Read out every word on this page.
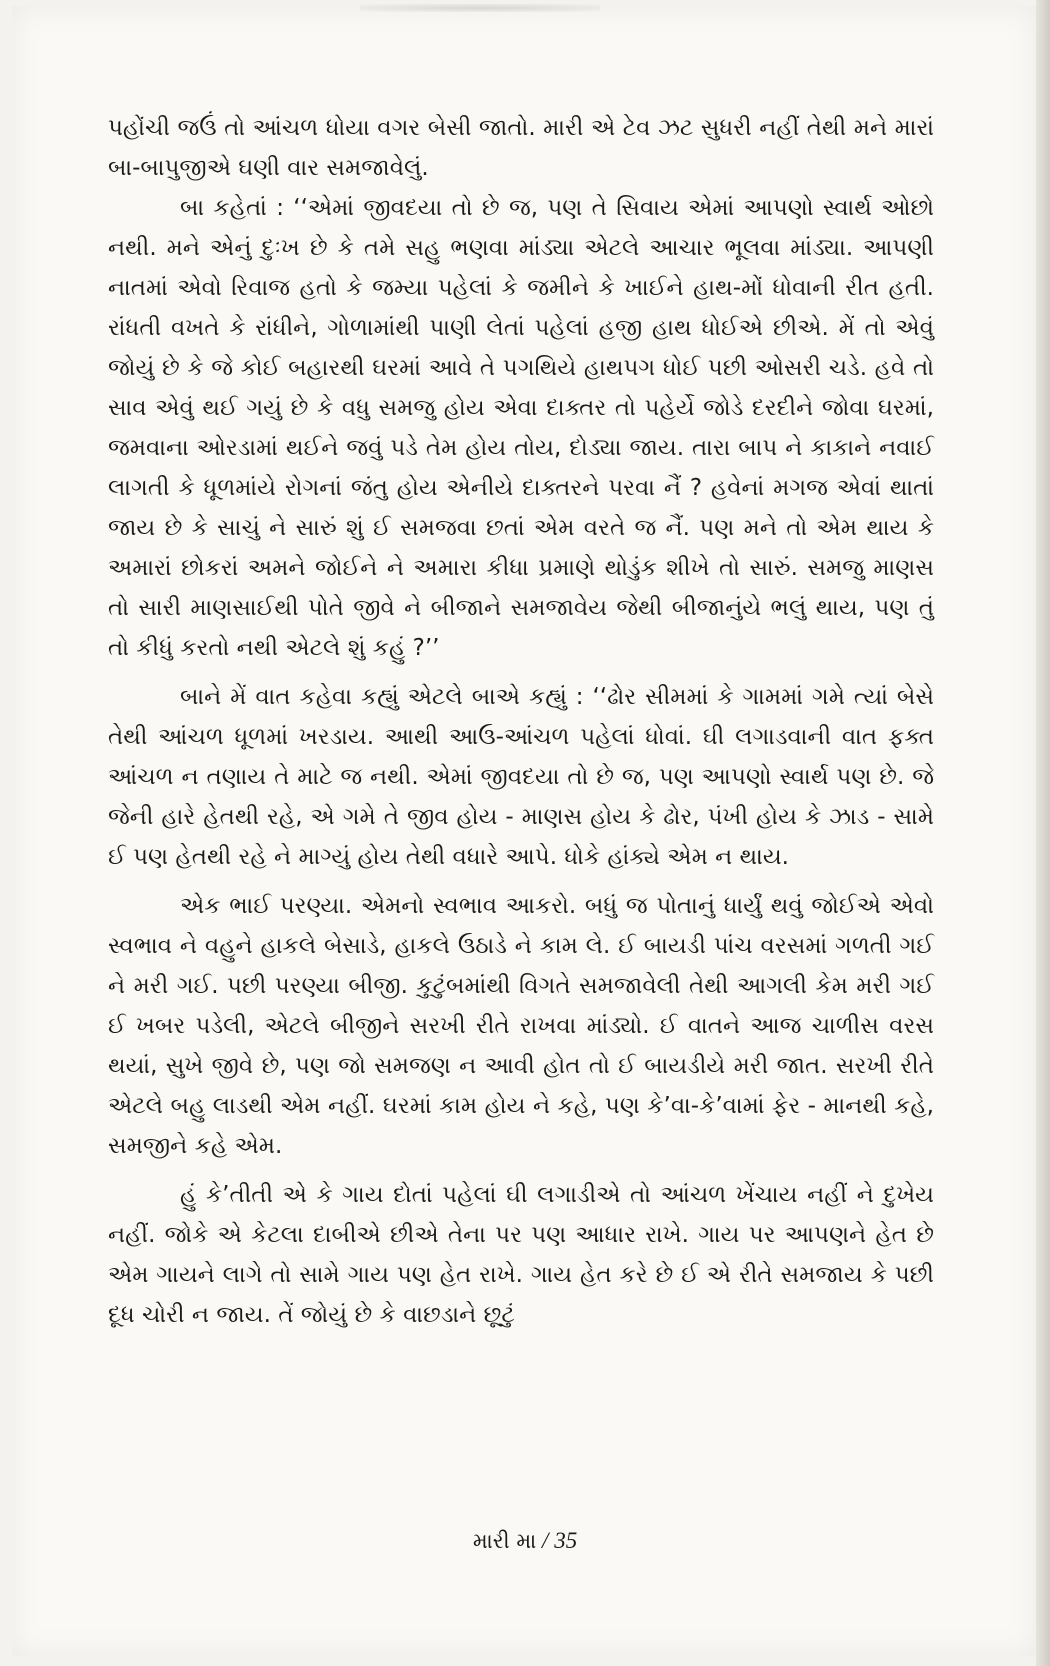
પહોંચી જઉં તો આંચળ ધોયા વગર બેસી જાતો. મારી એ ટેવ ઝટ સુધરી નહીં તેથી મને મારાં બા-બાપુજીએ ઘણી વાર સમજાવેલું.

બા કહેતાં : ‘‘એમાં જીવદયા તો છે જ, પણ તે સિવાય એમાં આપણો સ્વાર્થ ઓછો નથી. મને એનું દુઃખ છે કે તમે સહુ ભણવા માંડ્યા એટલે આચાર ભૂલવા માંડ્યા. આપણી નાતમાં એવો રિવાજ હતો કે જમ્યા પહેલાં કે જમીને કે ખાઈને હાથ-મોં ધોવાની રીત હતી. રાંધતી વખતે કે રાંધીને, ગોળામાંથી પાણી લેતાં પહેલાં હજી હાથ ધોઈએ છીએ. મેં તો એવું જોયું છે કે જે કોઈ બહારથી ઘરમાં આવે તે પગથિયે હાથપગ ધોઈ પછી ઓસરી ચડે. હવે તો સાવ એવું થઈ ગયું છે કે વધુ સમજુ હોય એવા દાક્તર તો પહેર્યે જોડે દરદીને જોવા ઘરમાં, જમવાના ઓરડામાં થઈને જવું પડે તેમ હોય તોય, દોડ્યા જાય. તારા બાપ ને કાકાને નવાઈ લાગતી કે ધૂળમાંયે રોગનાં જંતુ હોય એનીયે દાક્તરને પરવા નૈં ? હવેનાં મગજ એવાં થાતાં જાય છે કે સાચું ને સારું શું ઈ સમજવા છતાં એમ વરતે જ નૈં. પણ મને તો એમ થાય કે અમારાં છોકરાં અમને જોઈને ને અમારા કીધા પ્રમાણે થોડુંક શીખે તો સારું. સમજુ માણસ તો સારી માણસાઈથી પોતે જીવે ને બીજાને સમજાવેય જેથી બીજાનુંયે ભલું થાય, પણ તું તો કીધું કરતો નથી એટલે શું કહું ?’’

બાને મેં વાત કહેવા કહ્યું એટલે બાએ કહ્યું : ‘‘ઢોર સીમમાં કે ગામમાં ગમે ત્યાં બેસે તેથી આંચળ ધૂળમાં ખરડાય. આથી આઉ-આંચળ પહેલાં ધોવાં. ઘી લગાડવાની વાત ફક્ત આંચળ ન તણાય તે માટે જ નથી. એમાં જીવદયા તો છે જ, પણ આપણો સ્વાર્થ પણ છે. જે જેની હારે હેતથી રહે, એ ગમે તે જીવ હોય - માણસ હોય કે ઢોર, પંખી હોય કે ઝાડ - સામે ઈ પણ હેતથી રહે ને માગ્યું હોય તેથી વધારે આપે. ધોકે હાંક્યે એમ ન થાય.

એક ભાઈ પરણ્યા. એમનો સ્વભાવ આકરો. બધું જ પોતાનું ધાર્યું થવું જોઈએ એવો સ્વભાવ ને વહુને હાકલે બેસાડે, હાકલે ઉઠાડે ને કામ લે. ઈ બાયડી પાંચ વરસમાં ગળતી ગઈ ને મરી ગઈ. પછી પરણ્યા બીજી. કુટુંબમાંથી વિગતે સમજાવેલી તેથી આગલી કેમ મરી ગઈ ઈ ખબર પડેલી, એટલે બીજીને સરખી રીતે રાખવા માંડ્યો. ઈ વાતને આજ ચાળીસ વરસ થયાં, સુખે જીવે છે, પણ જો સમજણ ન આવી હોત તો ઈ બાયડીયે મરી જાત. સરખી રીતે એટલે બહુ લાડથી એમ નહીં. ઘરમાં કામ હોય ને કહે, પણ કે’વા-કે’વામાં ફેર - માનથી કહે, સમજીને કહે એમ.

હું કે’તીતી એ કે ગાય દોતાં પહેલાં ઘી લગાડીએ તો આંચળ ખેંચાય નહીં ને દુખેય નહીં. જોકે એ કેટલા દાબીએ છીએ તેના પર પણ આધાર રાખે. ગાય પર આપણને હેત છે એમ ગાયને લાગે તો સામે ગાય પણ હેત રાખે. ગાય હેત કરે છે ઈ એ રીતે સમજાય કે પછી દૂધ ચોરી ન જાય. તેં જોયું છે કે વાછડાને છૂટું

મારી મા / 35
